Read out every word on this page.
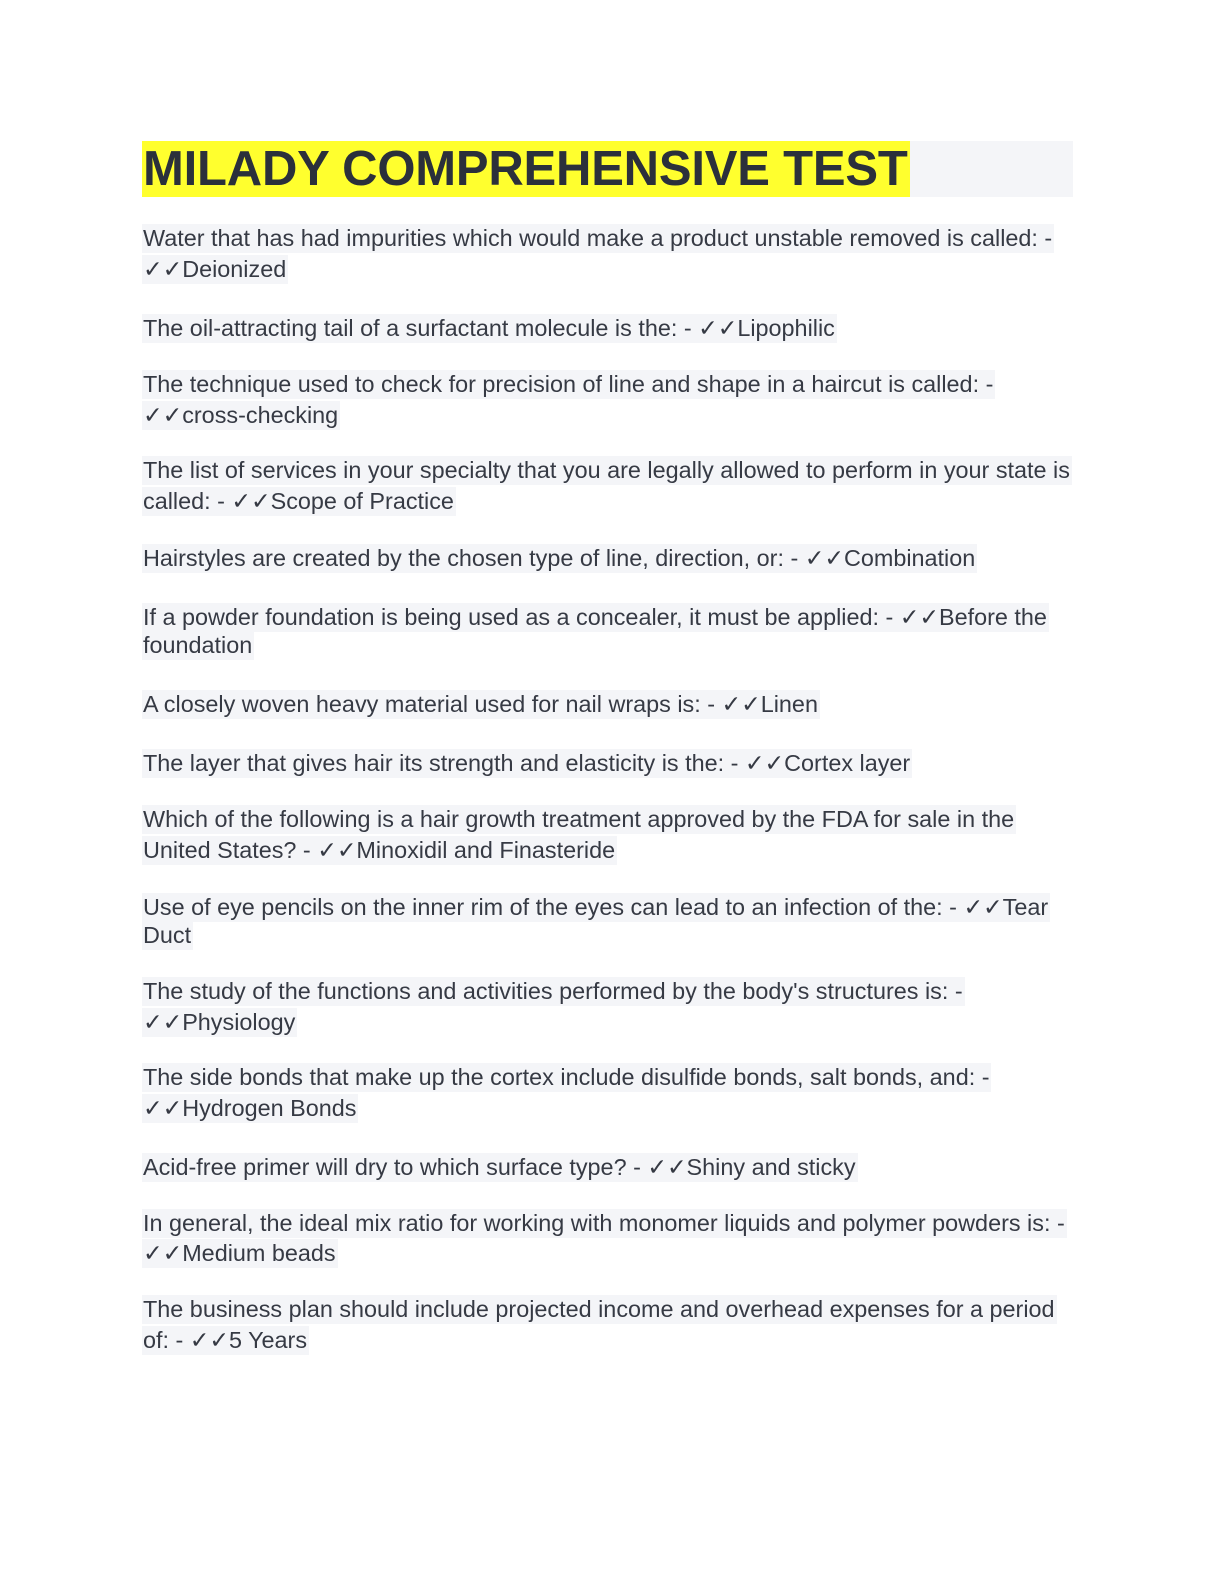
MILADY COMPREHENSIVE TEST
Water that has had impurities which would make a product unstable removed is called: - ✓✓Deionized
The oil-attracting tail of a surfactant molecule is the: - ✓✓Lipophilic
The technique used to check for precision of line and shape in a haircut is called: - ✓✓cross-checking
The list of services in your specialty that you are legally allowed to perform in your state is called: - ✓✓Scope of Practice
Hairstyles are created by the chosen type of line, direction, or: - ✓✓Combination
If a powder foundation is being used as a concealer, it must be applied: - ✓✓Before the foundation
A closely woven heavy material used for nail wraps is: - ✓✓Linen
The layer that gives hair its strength and elasticity is the: - ✓✓Cortex layer
Which of the following is a hair growth treatment approved by the FDA for sale in the United States? - ✓✓Minoxidil and Finasteride
Use of eye pencils on the inner rim of the eyes can lead to an infection of the: - ✓✓Tear Duct
The study of the functions and activities performed by the body's structures is: - ✓✓Physiology
The side bonds that make up the cortex include disulfide bonds, salt bonds, and: - ✓✓Hydrogen Bonds
Acid-free primer will dry to which surface type? - ✓✓Shiny and sticky
In general, the ideal mix ratio for working with monomer liquids and polymer powders is: - ✓✓Medium beads
The business plan should include projected income and overhead expenses for a period of: - ✓✓5 Years
